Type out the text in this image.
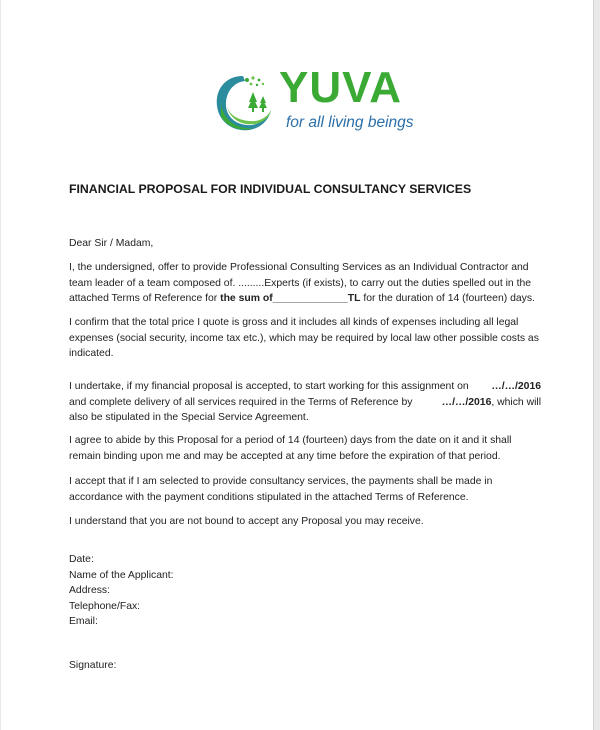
YUVA
for all living beings
FINANCIAL PROPOSAL FOR INDIVIDUAL CONSULTANCY SERVICES
Dear Sir / Madam,
I, the undersigned, offer to provide Professional Consulting Services as an Individual Contractor and
team leader of a team composed of. .........Experts (if exists), to carry out the duties spelled out in the
attached Terms of Reference for the sum of_____________TL for the duration of 14 (fourteen) days.
I confirm that the total price I quote is gross and it includes all kinds of expenses including all legal
expenses (social security, income tax etc.), which may be required by local law other possible costs as
indicated.
I undertake, if my financial proposal is accepted, to start working for this assignment on …/…/2016
and complete delivery of all services required in the Terms of Reference by	…/…/2016, which will
also be stipulated in the Special Service Agreement.
I agree to abide by this Proposal for a period of 14 (fourteen) days from the date on it and it shall
remain binding upon me and may be accepted at any time before the expiration of that period.
I accept that if I am selected to provide consultancy services, the payments shall be made in
accordance with the payment conditions stipulated in the attached Terms of Reference.
I understand that you are not bound to accept any Proposal you may receive.
Date:
Name of the Applicant:
Address:
Telephone/Fax:
Email:
Signature:
